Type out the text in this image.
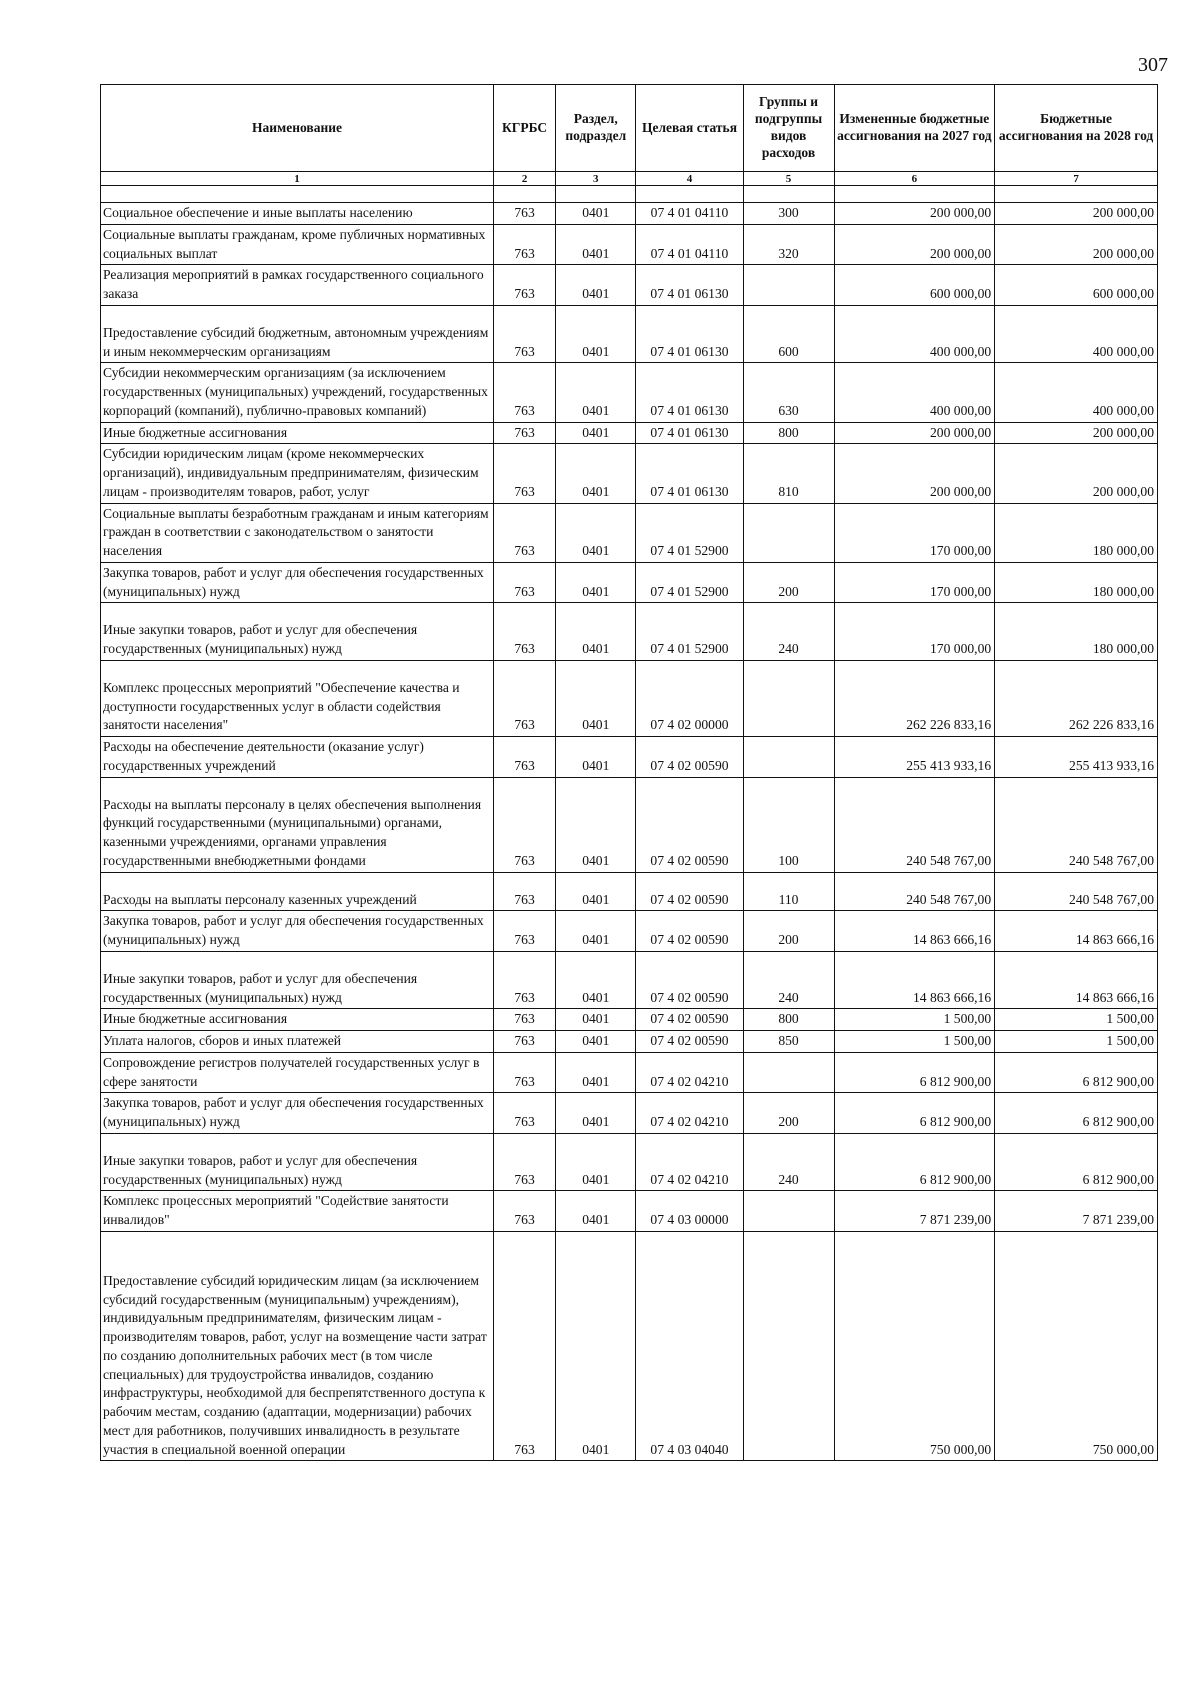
307
Наименование	КГРБС	Раздел, подраздел	Целевая статья	Группы и подгруппы видов расходов	Измененные бюджетные ассигнования на 2027 год	Бюджетные ассигнования на 2028 год
1	2	3	4	5	6	7

Социальное обеспечение и иные выплаты населению	763	0401	07 4 01 04110	300	200 000,00	200 000,00
Социальные выплаты гражданам, кроме публичных нормативных социальных выплат	763	0401	07 4 01 04110	320	200 000,00	200 000,00
Реализация мероприятий в рамках государственного социального заказа	763	0401	07 4 01 06130		600 000,00	600 000,00
Предоставление субсидий бюджетным, автономным учреждениям и иным некоммерческим организациям	763	0401	07 4 01 06130	600	400 000,00	400 000,00
Субсидии некоммерческим организациям (за исключением государственных (муниципальных) учреждений, государственных корпораций (компаний), публично-правовых компаний)	763	0401	07 4 01 06130	630	400 000,00	400 000,00
Иные бюджетные ассигнования	763	0401	07 4 01 06130	800	200 000,00	200 000,00
Субсидии юридическим лицам (кроме некоммерческих организаций), индивидуальным предпринимателям, физическим лицам - производителям товаров, работ, услуг	763	0401	07 4 01 06130	810	200 000,00	200 000,00
Социальные выплаты безработным гражданам и иным категориям граждан в соответствии с законодательством о занятости населения	763	0401	07 4 01 52900		170 000,00	180 000,00
Закупка товаров, работ и услуг для обеспечения государственных (муниципальных) нужд	763	0401	07 4 01 52900	200	170 000,00	180 000,00
Иные закупки товаров, работ и услуг для обеспечения государственных (муниципальных) нужд	763	0401	07 4 01 52900	240	170 000,00	180 000,00
Комплекс процессных мероприятий "Обеспечение качества и доступности государственных услуг в области содействия занятости населения"	763	0401	07 4 02 00000		262 226 833,16	262 226 833,16
Расходы на обеспечение деятельности (оказание услуг) государственных учреждений	763	0401	07 4 02 00590		255 413 933,16	255 413 933,16
Расходы на выплаты персоналу в целях обеспечения выполнения функций государственными (муниципальными) органами, казенными учреждениями, органами управления государственными внебюджетными фондами	763	0401	07 4 02 00590	100	240 548 767,00	240 548 767,00
Расходы на выплаты персоналу казенных учреждений	763	0401	07 4 02 00590	110	240 548 767,00	240 548 767,00
Закупка товаров, работ и услуг для обеспечения государственных (муниципальных) нужд	763	0401	07 4 02 00590	200	14 863 666,16	14 863 666,16
Иные закупки товаров, работ и услуг для обеспечения государственных (муниципальных) нужд	763	0401	07 4 02 00590	240	14 863 666,16	14 863 666,16
Иные бюджетные ассигнования	763	0401	07 4 02 00590	800	1 500,00	1 500,00
Уплата налогов, сборов и иных платежей	763	0401	07 4 02 00590	850	1 500,00	1 500,00
Сопровождение регистров получателей государственных услуг в сфере занятости	763	0401	07 4 02 04210		6 812 900,00	6 812 900,00
Закупка товаров, работ и услуг для обеспечения государственных (муниципальных) нужд	763	0401	07 4 02 04210	200	6 812 900,00	6 812 900,00
Иные закупки товаров, работ и услуг для обеспечения государственных (муниципальных) нужд	763	0401	07 4 02 04210	240	6 812 900,00	6 812 900,00
Комплекс процессных мероприятий "Содействие занятости инвалидов"	763	0401	07 4 03 00000		7 871 239,00	7 871 239,00
Предоставление субсидий юридическим лицам (за исключением субсидий государственным (муниципальным) учреждениям), индивидуальным предпринимателям, физическим лицам - производителям товаров, работ, услуг на возмещение части затрат по созданию дополнительных рабочих мест (в том числе специальных) для трудоустройства инвалидов, созданию инфраструктуры, необходимой для беспрепятственного доступа к рабочим местам, созданию (адаптации, модернизации) рабочих мест для работников, получивших инвалидность в результате участия в специальной военной операции	763	0401	07 4 03 04040		750 000,00	750 000,00
